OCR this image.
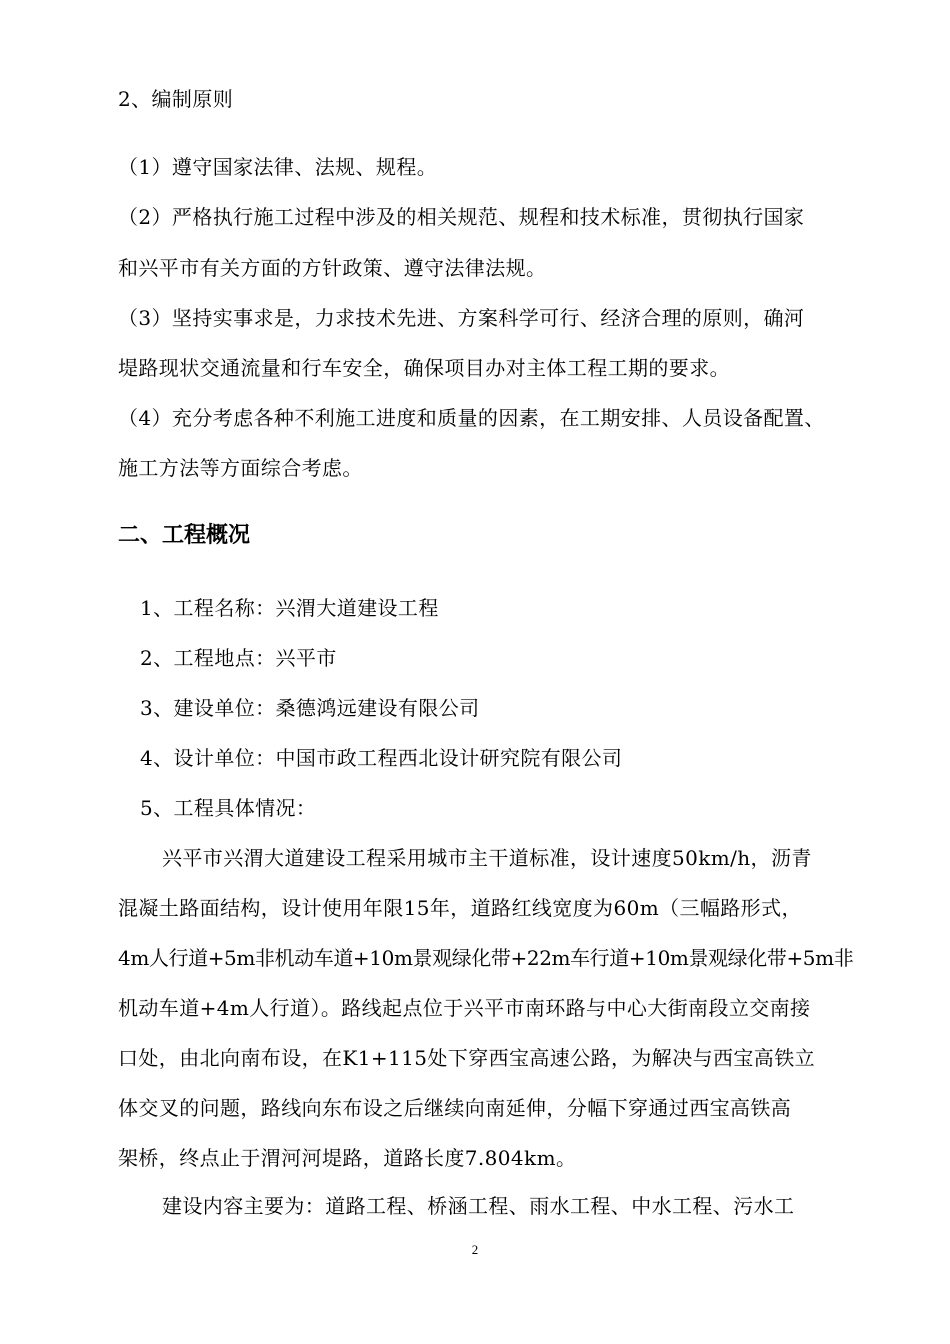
2、编制原则
（1）遵守国家法律、法规、规程。
（2）严格执行施工过程中涉及的相关规范、规程和技术标准，贯彻执行国家
和兴平市有关方面的方针政策、遵守法律法规。
（3）坚持实事求是，力求技术先进、方案科学可行、经济合理的原则，确河
堤路现状交通流量和行车安全，确保项目办对主体工程工期的要求。
（4）充分考虑各种不利施工进度和质量的因素，在工期安排、人员设备配置、
施工方法等方面综合考虑。
二、工程概况
1、工程名称：兴渭大道建设工程
2、工程地点：兴平市
3、建设单位：桑德鸿远建设有限公司
4、设计单位：中国市政工程西北设计研究院有限公司
5、工程具体情况：
兴平市兴渭大道建设工程采用城市主干道标准，设计速度50km/h，沥青
混凝土路面结构，设计使用年限15年，道路红线宽度为60m（三幅路形式，
4m人行道+5m非机动车道+10m景观绿化带+22m车行道+10m景观绿化带+5m非
机动车道+4m人行道）。路线起点位于兴平市南环路与中心大街南段立交南接
口处，由北向南布设，在K1+115处下穿西宝高速公路，为解决与西宝高铁立
体交叉的问题，路线向东布设之后继续向南延伸，分幅下穿通过西宝高铁高
架桥，终点止于渭河河堤路，道路长度7.804km。
建设内容主要为：道路工程、桥涵工程、雨水工程、中水工程、污水工
2
